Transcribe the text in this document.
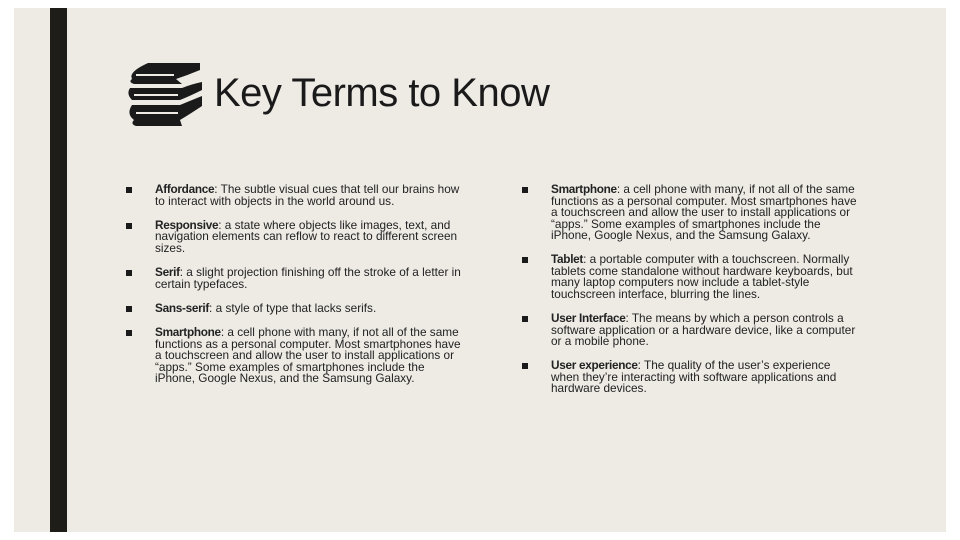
Key Terms to Know
Affordance: The subtle visual cues that tell our brains how to interact with objects in the world around us.
Responsive: a state where objects like images, text, and navigation elements can reflow to react to different screen sizes.
Serif: a slight projection finishing off the stroke of a letter in certain typefaces.
Sans-serif: a style of type that lacks serifs.
Smartphone: a cell phone with many, if not all of the same functions as a personal computer. Most smartphones have a touchscreen and allow the user to install applications or “apps.” Some examples of smartphones include the iPhone, Google Nexus, and the Samsung Galaxy.
Smartphone: a cell phone with many, if not all of the same functions as a personal computer. Most smartphones have a touchscreen and allow the user to install applications or “apps.” Some examples of smartphones include the iPhone, Google Nexus, and the Samsung Galaxy.
Tablet: a portable computer with a touchscreen. Normally tablets come standalone without hardware keyboards, but many laptop computers now include a tablet-style touchscreen interface, blurring the lines.
User Interface: The means by which a person controls a software application or a hardware device, like a computer or a mobile phone.
User experience: The quality of the user’s experience when they’re interacting with software applications and hardware devices.
